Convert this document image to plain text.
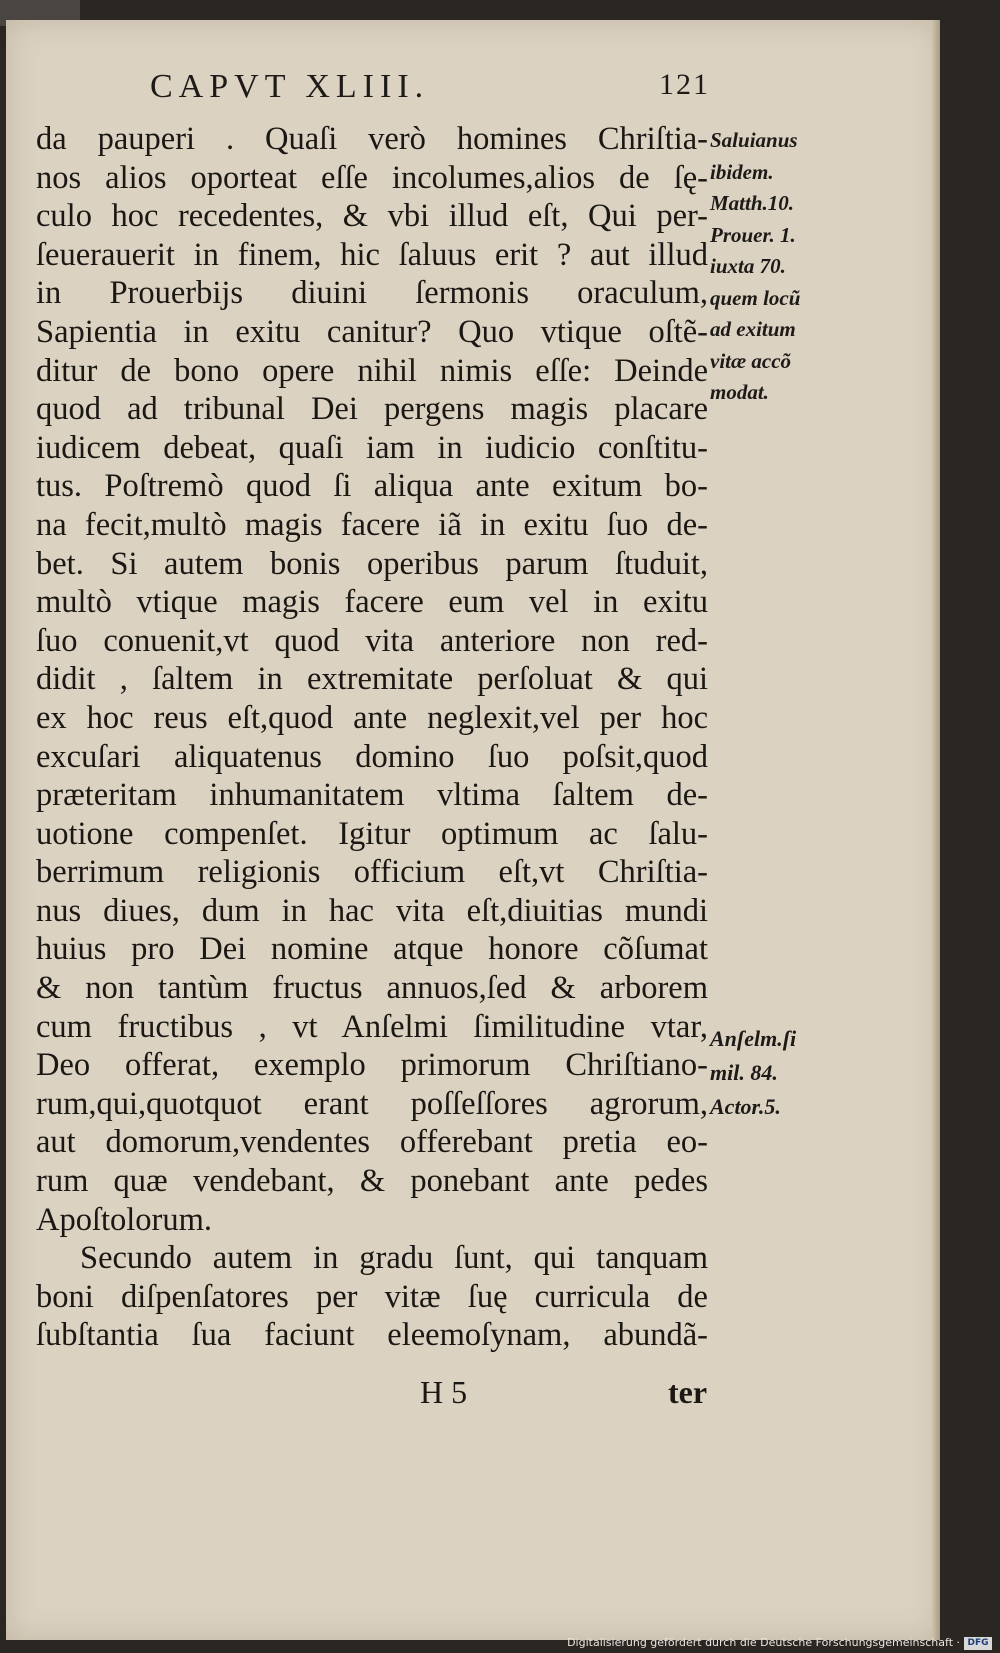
CAPVT XLIII.	121
da pauperi . Quaſi verò homines Chriſtia-
nos alios oporteat eſſe incolumes,alios de ſę-
culo hoc recedentes, & vbi illud eſt, Qui per-
ſeuerauerit in finem, hic ſaluus erit ? aut illud
in Prouerbijs diuini ſermonis oraculum,
Sapientia in exitu canitur? Quo vtique oſtẽ-
ditur de bono opere nihil nimis eſſe: Deinde
quod ad tribunal Dei pergens magis placare
iudicem debeat, quaſi iam in iudicio conſtitu-
tus. Poſtremò quod ſi aliqua ante exitum bo-
na fecit,multò magis facere iã in exitu ſuo de-
bet. Si autem bonis operibus parum ſtuduit,
multò vtique magis facere eum vel in exitu
ſuo conuenit,vt quod vita anteriore non red-
didit , ſaltem in extremitate perſoluat & qui
ex hoc reus eſt,quod ante neglexit,vel per hoc
excuſari aliquatenus domino ſuo poſsit,quod
præteritam inhumanitatem vltima ſaltem de-
uotione compenſet. Igitur optimum ac ſalu-
berrimum religionis officium eſt,vt Chriſtia-
nus diues, dum in hac vita eſt,diuitias mundi
huius pro Dei nomine atque honore cõſumat
& non tantùm fructus annuos,ſed & arborem
cum fructibus , vt Anſelmi ſimilitudine vtar,
Deo offerat, exemplo primorum Chriſtiano-
rum,qui,quotquot erant poſſeſſores agrorum,
aut domorum,vendentes offerebant pretia eo-
rum quæ vendebant, & ponebant ante pedes
Apoſtolorum.
Secundo autem in gradu ſunt, qui tanquam
boni diſpenſatores per vitæ ſuę curricula de
ſubſtantia ſua faciunt eleemoſynam, abundã-
Saluianus
ibidem.
Matth.10.
Prouer. 1.
iuxta 70.
quem locũ
ad exitum
vitæ accõ
modat.
Anſelm.ſi
mil. 84.
Actor.5.
H 5	ter
Digitalisierung gefördert durch die Deutsche Forschungsgemeinschaft · DFG
